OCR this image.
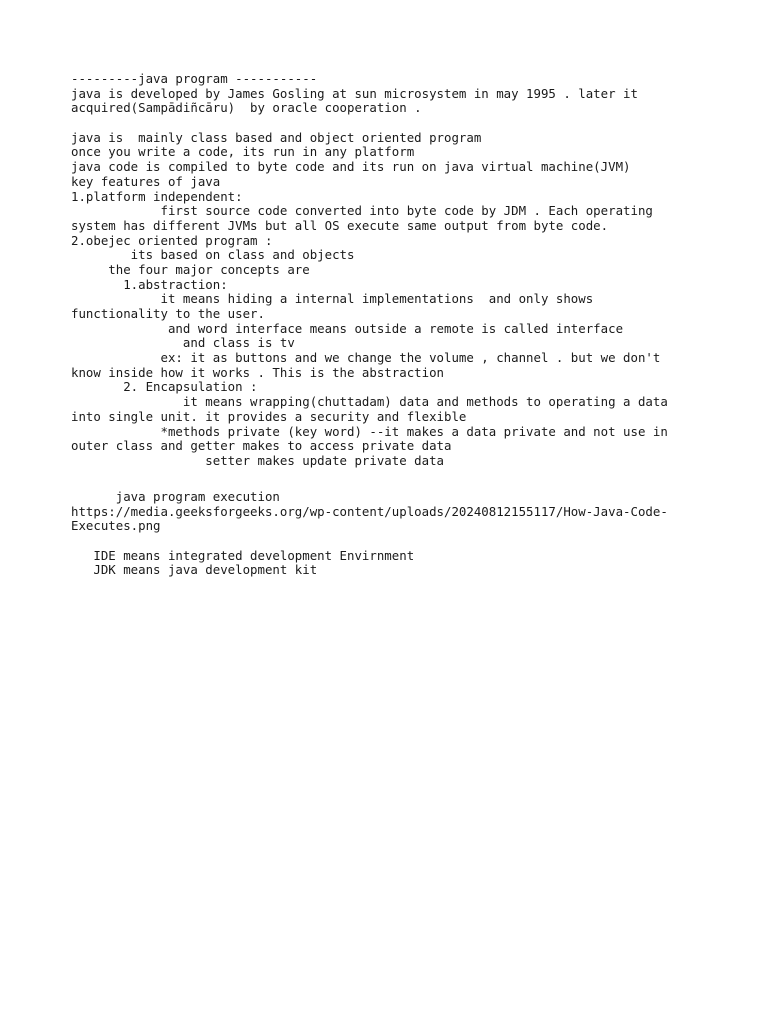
---------java program -----------
java is developed by James Gosling at sun microsystem in may 1995 . later it
acquired(Sampādiñcāru)  by oracle cooperation .
java is  mainly class based and object oriented program
once you write a code, its run in any platform
java code is compiled to byte code and its run on java virtual machine(JVM)
key features of java
1.platform independent:
first source code converted into byte code by JDM . Each operating
system has different JVMs but all OS execute same output from byte code.
2.obejec oriented program :
its based on class and objects
the four major concepts are
1.abstraction:
it means hiding a internal implementations  and only shows
functionality to the user.
and word interface means outside a remote is called interface
and class is tv
ex: it as buttons and we change the volume , channel . but we don't
know inside how it works . This is the abstraction
2. Encapsulation :
it means wrapping(chuttadam) data and methods to operating a data
into single unit. it provides a security and flexible
*methods private (key word) --it makes a data private and not use in
outer class and getter makes to access private data
setter makes update private data
java program execution
https://media.geeksforgeeks.org/wp-content/uploads/20240812155117/How-Java-Code-
Executes.png
IDE means integrated development Envirnment
JDK means java development kit
